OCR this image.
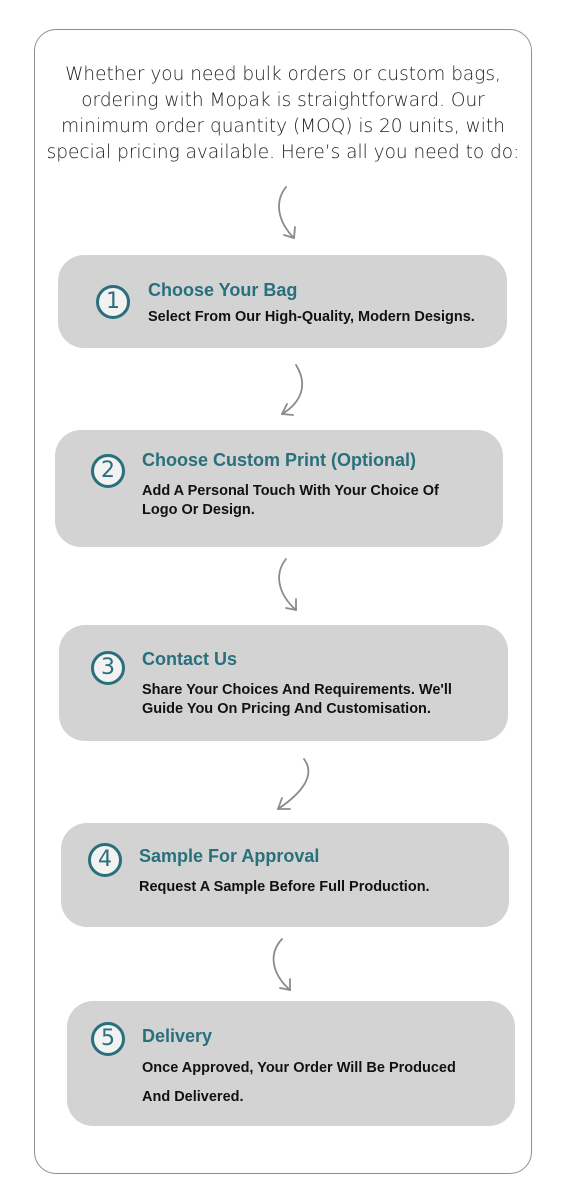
Whether you need bulk orders or custom bags,
ordering with Mopak is straightforward. Our
minimum order quantity (MOQ) is 20 units, with
special pricing available. Here’s all you need to do:
1	Choose Your Bag
Select From Our High-Quality, Modern Designs.
2	Choose Custom Print (Optional)
Add A Personal Touch With Your Choice Of
Logo Or Design.
3	Contact Us
Share Your Choices And Requirements. We'll
Guide You On Pricing And Customisation.
4	Sample For Approval
Request A Sample Before Full Production.
5	Delivery
Once Approved, Your Order Will Be Produced
And Delivered.
